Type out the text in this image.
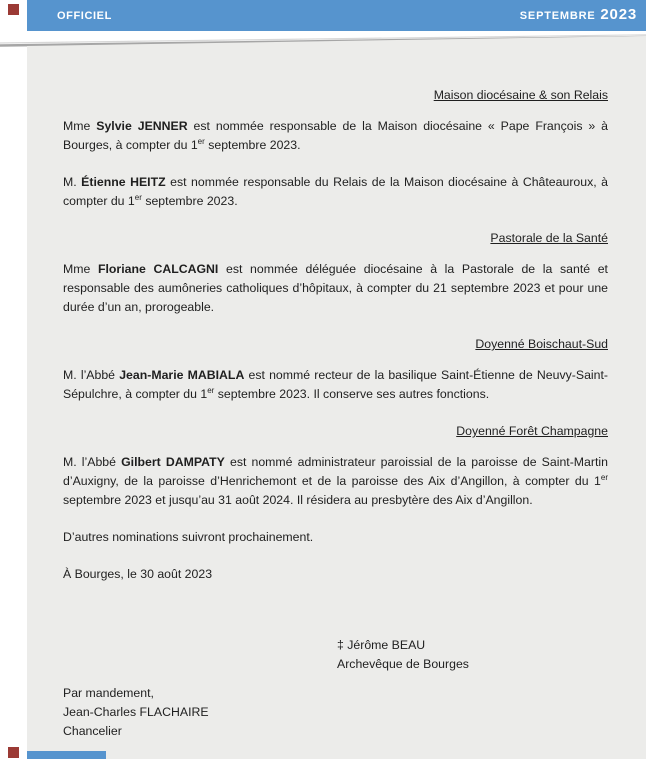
officiel	septembre 2023
Maison diocésaine & son Relais

Mme Sylvie JENNER est nommée responsable de la Maison diocésaine « Pape François » à Bourges, à compter du 1er septembre 2023.

M. Étienne HEITZ est nommée responsable du Relais de la Maison diocésaine à Châteauroux, à compter du 1er septembre 2023.

Pastorale de la Santé

Mme Floriane CALCAGNI est nommée déléguée diocésaine à la Pastorale de la santé et responsable des aumôneries catholiques d’hôpitaux, à compter du 21 septembre 2023 et pour une durée d’un an, prorogeable.

Doyenné Boischaut-Sud

M. l’Abbé Jean-Marie MABIALA est nommé recteur de la basilique Saint-Étienne de Neuvy-Saint-Sépulchre, à compter du 1er septembre 2023. Il conserve ses autres fonctions.

Doyenné Forêt Champagne

M. l’Abbé Gilbert DAMPATY est nommé administrateur paroissial de la paroisse de Saint-Martin d’Auxigny, de la paroisse d’Henrichemont et de la paroisse des Aix d’Angillon, à compter du 1er septembre 2023 et jusqu’au 31 août 2024. Il résidera au presbytère des Aix d’Angillon.

D’autres nominations suivront prochainement.

À Bourges, le 30 août 2023

‡ Jérôme BEAU
Archevêque de Bourges
Par mandement,
Jean-Charles FLACHAIRE
Chancelier
